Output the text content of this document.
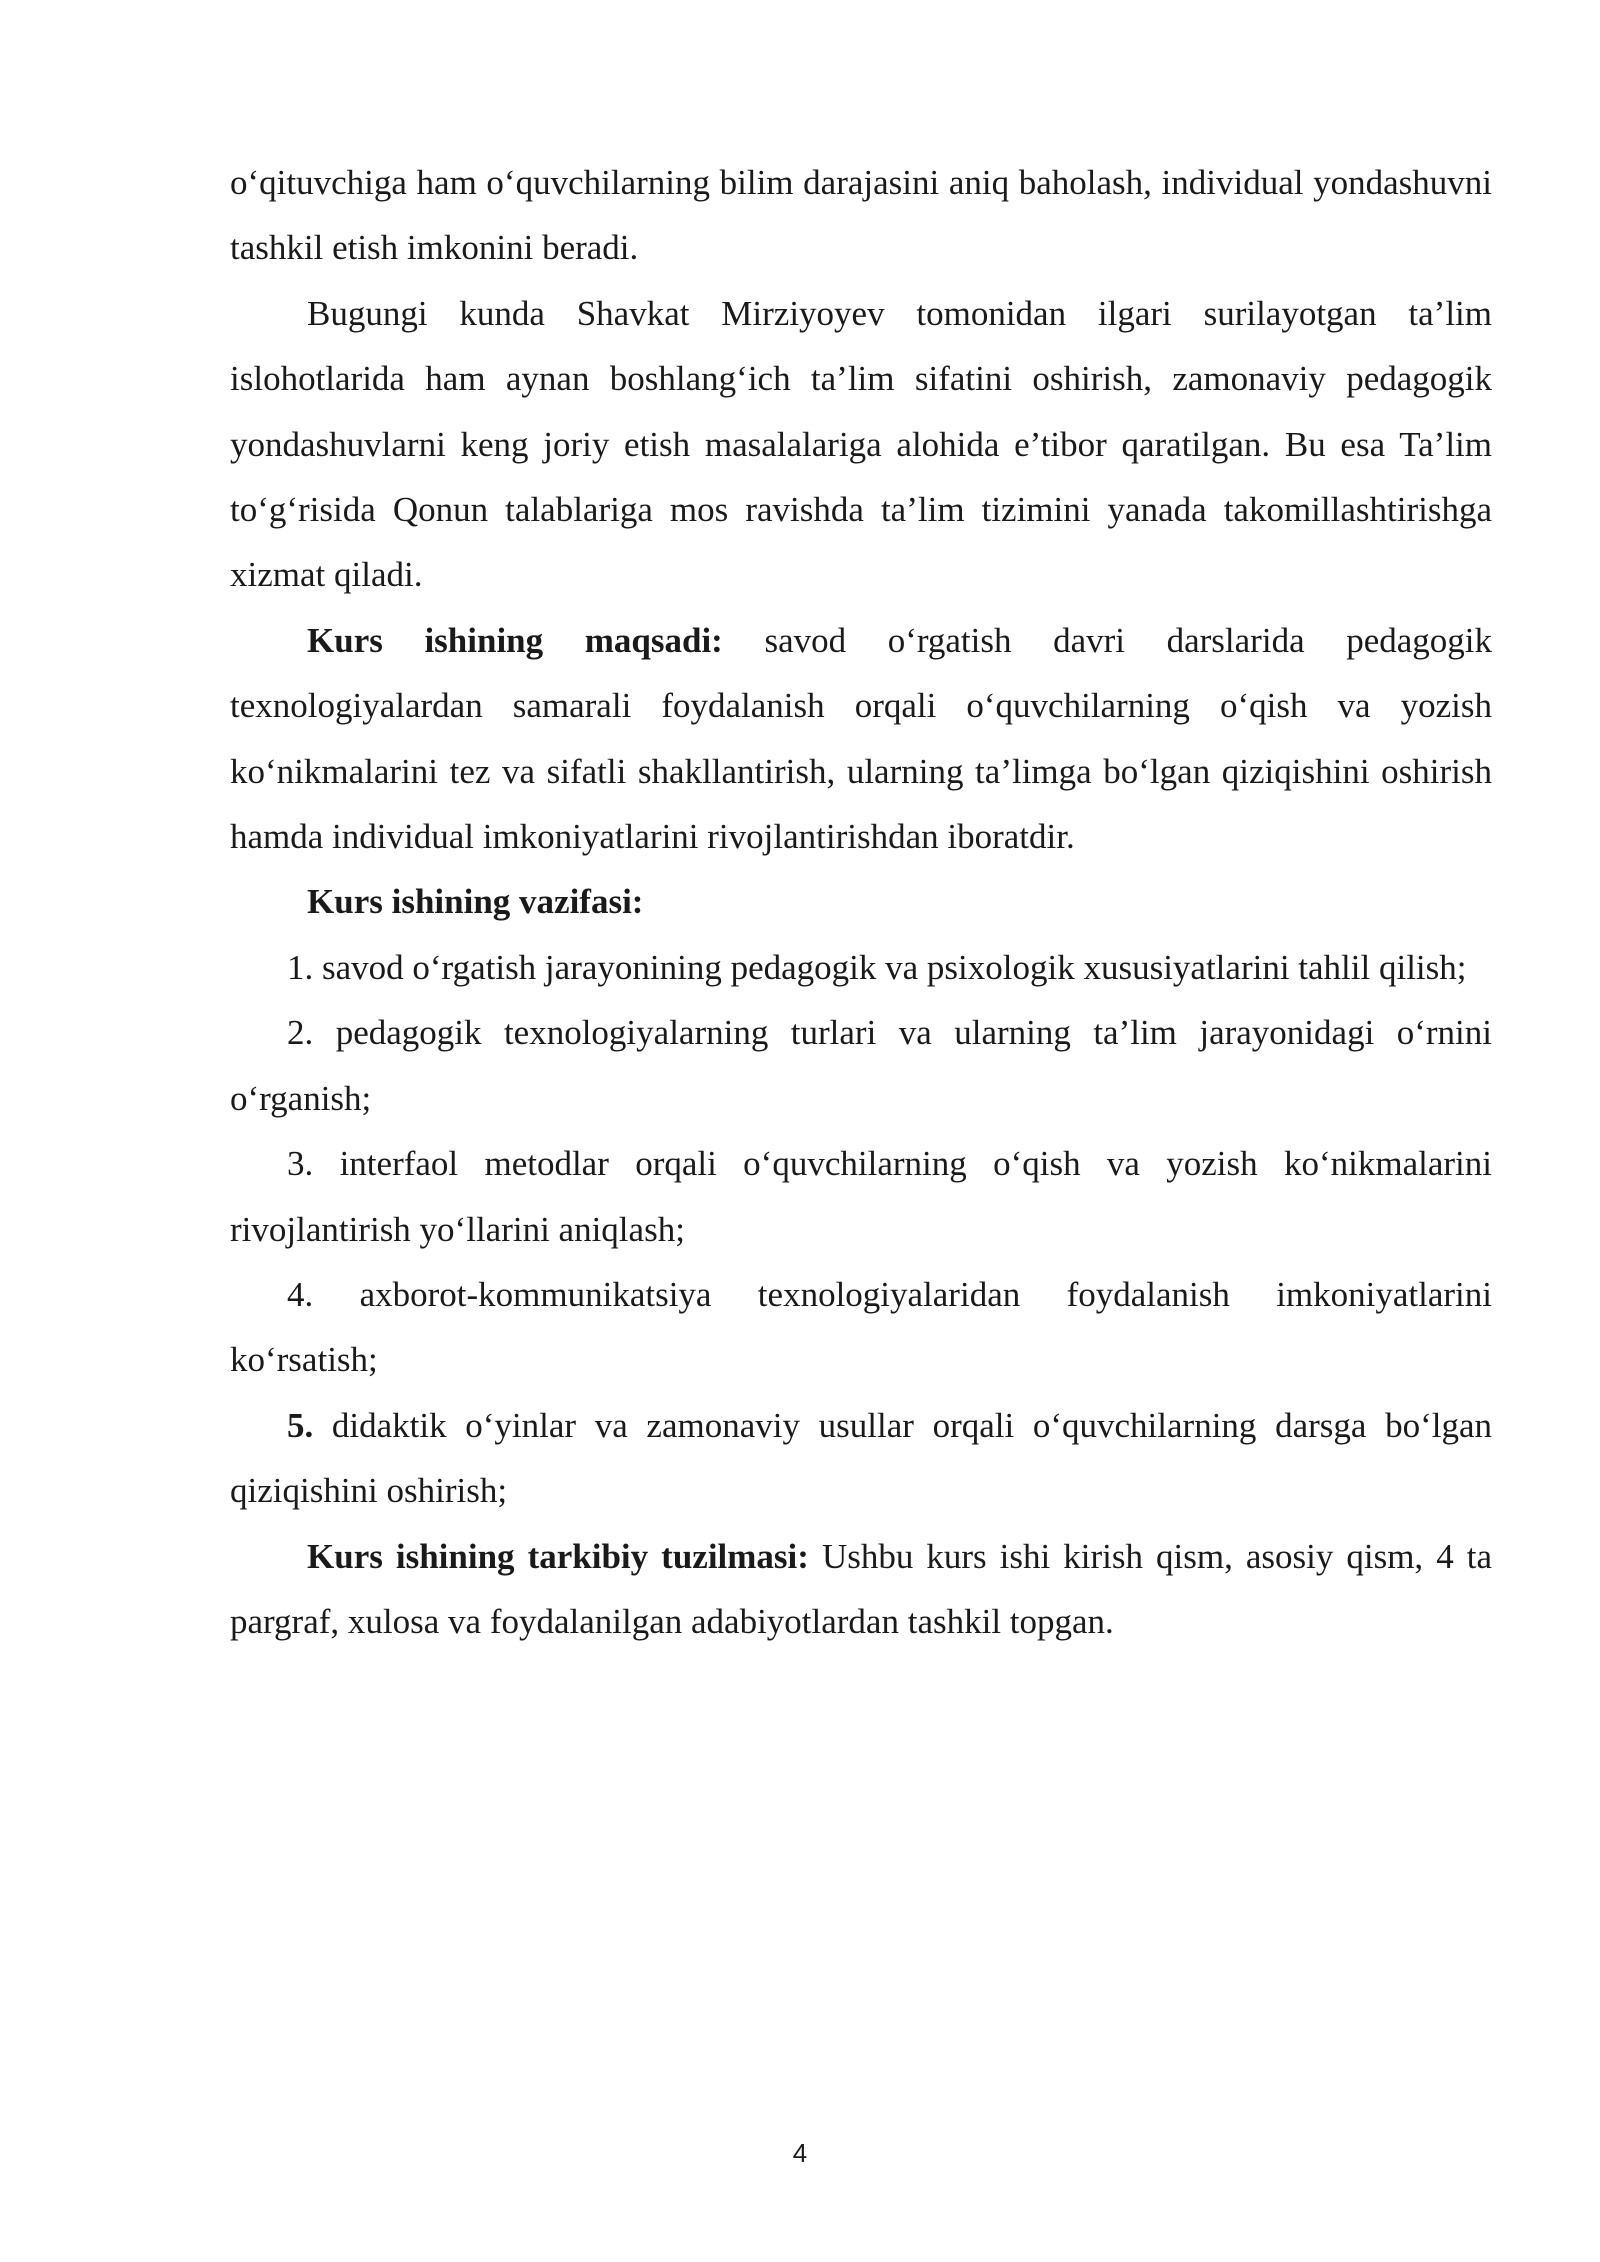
o‘qituvchiga ham o‘quvchilarning bilim darajasini aniq baholash, individual yondashuvni tashkil etish imkonini beradi.

Bugungi kunda Shavkat Mirziyoyev tomonidan ilgari surilayotgan ta’lim islohotlarida ham aynan boshlang‘ich ta’lim sifatini oshirish, zamonaviy pedagogik yondashuvlarni keng joriy etish masalalariga alohida e’tibor qaratilgan. Bu esa Ta’lim to‘g‘risida Qonun talablariga mos ravishda ta’lim tizimini yanada takomillashtirishga xizmat qiladi.

Kurs ishining maqsadi: savod o‘rgatish davri darslarida pedagogik texnologiyalardan samarali foydalanish orqali o‘quvchilarning o‘qish va yozish ko‘nikmalarini tez va sifatli shakllantirish, ularning ta’limga bo‘lgan qiziqishini oshirish hamda individual imkoniyatlarini rivojlantirishdan iboratdir.

Kurs ishining vazifasi:

1. savod o‘rgatish jarayonining pedagogik va psixologik xususiyatlarini tahlil qilish;

2. pedagogik texnologiyalarning turlari va ularning ta’lim jarayonidagi o‘rnini o‘rganish;

3. interfaol metodlar orqali o‘quvchilarning o‘qish va yozish ko‘nikmalarini rivojlantirish yo‘llarini aniqlash;

4. axborot-kommunikatsiya texnologiyalaridan foydalanish imkoniyatlarini ko‘rsatish;

5. didaktik o‘yinlar va zamonaviy usullar orqali o‘quvchilarning darsga bo‘lgan qiziqishini oshirish;

Kurs ishining tarkibiy tuzilmasi: Ushbu kurs ishi kirish qism, asosiy qism, 4 ta pargraf, xulosa va foydalanilgan adabiyotlardan tashkil topgan.

4
